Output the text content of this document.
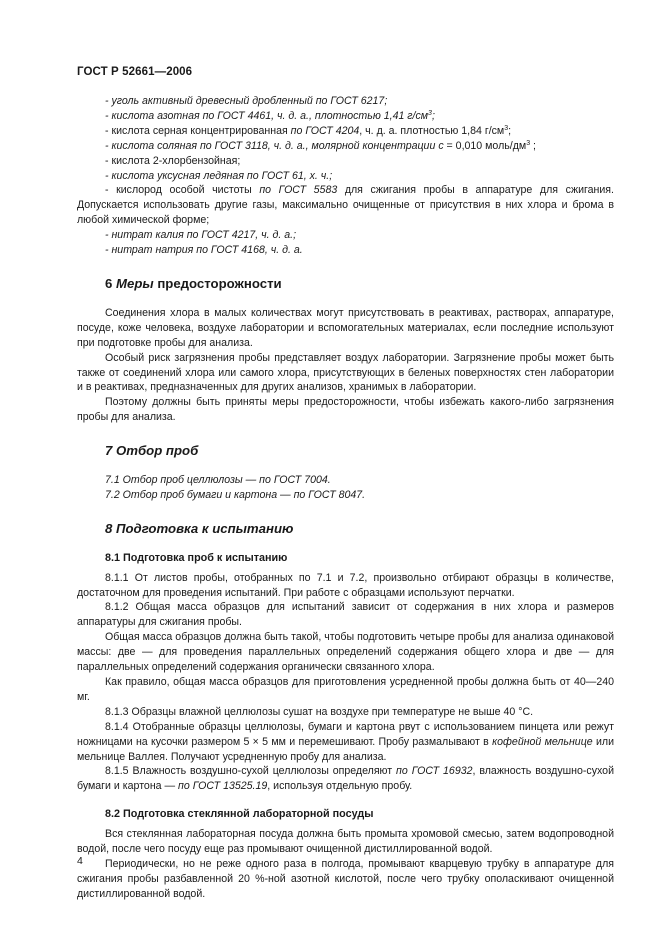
ГОСТ Р 52661—2006

- уголь активный древесный дробленный по ГОСТ 6217;

- кислота азотная по ГОСТ 4461, ч. д. а., плотностью 1,41 $г/см^3$;

- кислота серная концентрированная по ГОСТ 4204, ч. д. а. плотностью 1,84 $г/см^3$;

- кислота соляная по ГОСТ 3118, ч. д. а., молярной концентрации c = 0,010 моль/$дм^3$ ;

- кислота 2-хлорбензойная;

- кислота уксусная ледяная по ГОСТ 61, х. ч.;

- кислород особой чистоты по ГОСТ 5583 для сжигания пробы в аппаратуре для сжигания. Допускается использовать другие газы, максимально очищенные от присутствия в них хлора и брома в любой химической форме;

- нитрат калия по ГОСТ 4217, ч. д. а.;

- нитрат натрия по ГОСТ 4168, ч. д. а.

6 Меры предосторожности

Соединения хлора в малых количествах могут присутствовать в реактивах, растворах, аппаратуре, посуде, коже человека, воздухе лаборатории и вспомогательных материалах, если последние используют при подготовке пробы для анализа.

Особый риск загрязнения пробы представляет воздух лаборатории. Загрязнение пробы может быть также от соединений хлора или самого хлора, присутствующих в беленых поверхностях стен лаборатории и в реактивах, предназначенных для других анализов, хранимых в лаборатории.

Поэтому должны быть приняты меры предосторожности, чтобы избежать какого-либо загрязнения пробы для анализа.

7 Отбор проб

7.1 Отбор проб целлюлозы — по ГОСТ 7004.

7.2 Отбор проб бумаги и картона — по ГОСТ 8047.

8 Подготовка к испытанию
8.1 Подготовка проб к испытанию

8.1.1 От листов пробы, отобранных по 7.1 и 7.2, произвольно отбирают образцы в количестве, достаточном для проведения испытаний. При работе с образцами используют перчатки.

8.1.2 Общая масса образцов для испытаний зависит от содержания в них хлора и размеров аппаратуры для сжигания пробы.

Общая масса образцов должна быть такой, чтобы подготовить четыре пробы для анализа одинаковой массы: две — для проведения параллельных определений содержания общего хлора и две — для параллельных определений содержания органически связанного хлора.

Как правило, общая масса образцов для приготовления усредненной пробы должна быть от 40—240 мг.

8.1.3 Образцы влажной целлюлозы сушат на воздухе при температуре не выше 40 °С.

8.1.4 Отобранные образцы целлюлозы, бумаги и картона рвут с использованием пинцета или режут ножницами на кусочки размером 5 × 5 мм и перемешивают. Пробу размалывают в кофейной мельнице или мельнице Валлея. Получают усредненную пробу для анализа.

8.1.5 Влажность воздушно-сухой целлюлозы определяют по ГОСТ 16932, влажность воздушно-сухой бумаги и картона — по ГОСТ 13525.19, используя отдельную пробу.

8.2 Подготовка стеклянной лабораторной посуды

Вся стеклянная лабораторная посуда должна быть промыта хромовой смесью, затем водопроводной водой, после чего посуду еще раз промывают очищенной дистиллированной водой.

Периодически, но не реже одного раза в полгода, промывают кварцевую трубку в аппаратуре для сжигания пробы разбавленной 20 %-ной азотной кислотой, после чего трубку ополаскивают очищенной дистиллированной водой.

4
